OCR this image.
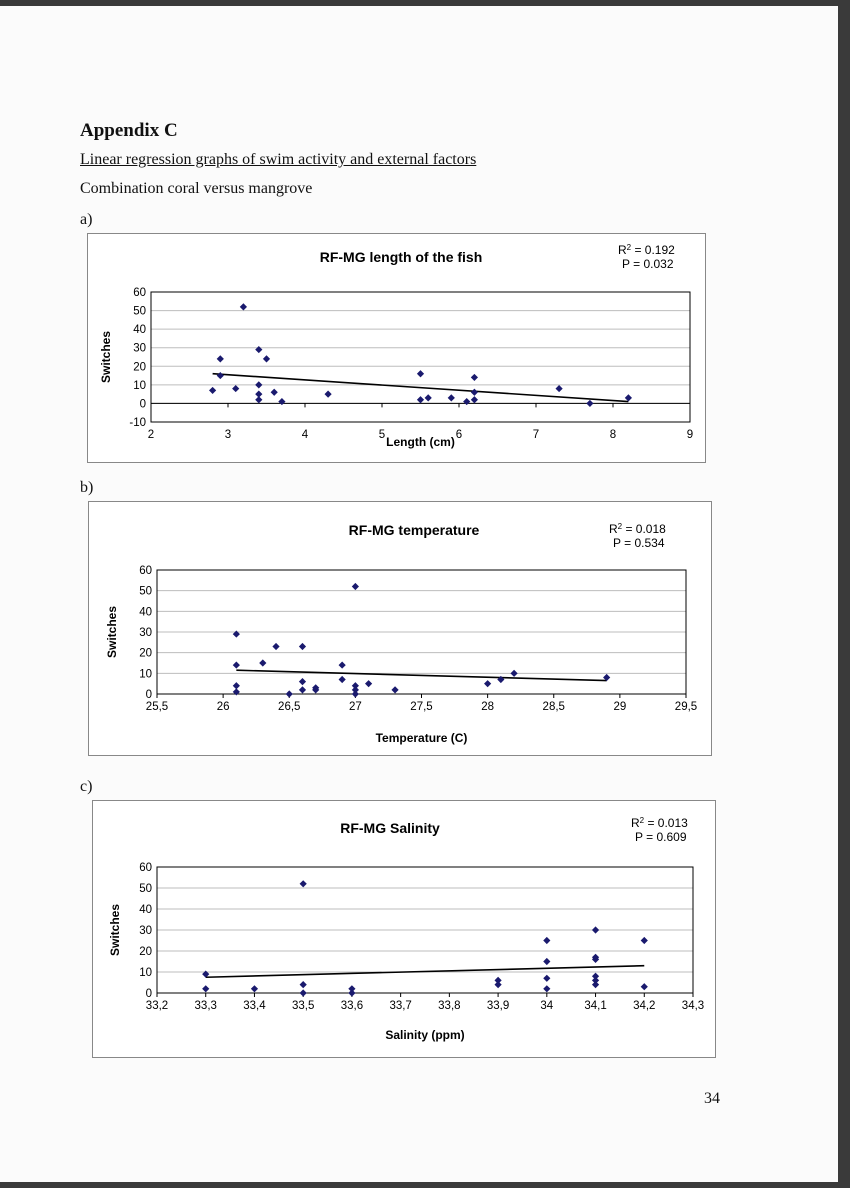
Appendix C
Linear regression graphs of swim activity and external factors
Combination coral versus mangrove
a)
b)
c)
RF-MG length of the fish	$R^2 = 0.192$
P = 0.032
-10
0
10
20
30
40
50
60
2	3	4	5	6	7	8	9
Length (cm)
Switches
RF-MG temperature	$R^2 = 0.018$
P = 0.534
0
10
20
30
40
50
60
25,5	26	26,5	27	27,5	28	28,5	29	29,5
Temperature (C)
Switches
RF-MG Salinity	$R^2 = 0.013$
P = 0.609
0
10
20
30
40
50
60
33,2 33,3 33,4 33,5 33,6 33,7 33,8 33,9	34	34,1 34,2 34,3
Salinity (ppm)
Switches
34
